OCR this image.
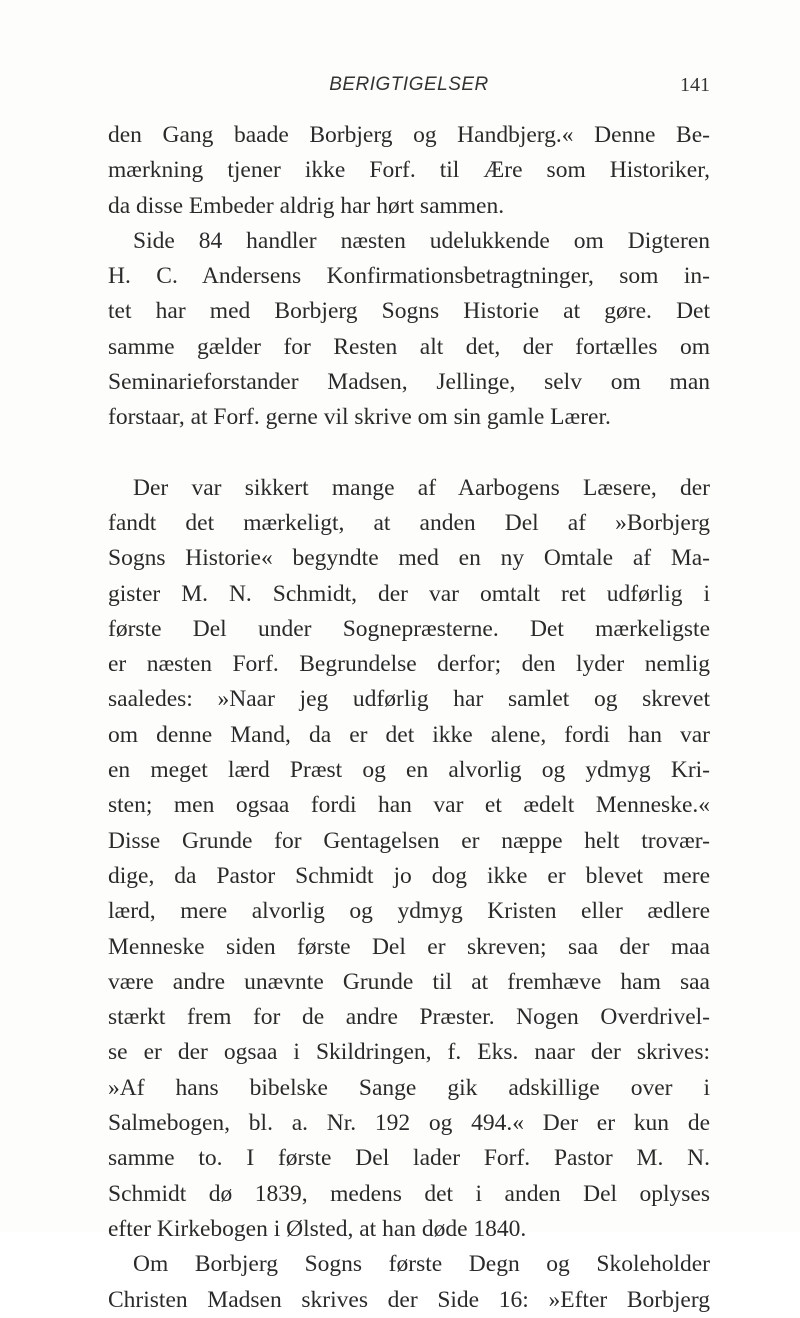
BERIGTIGELSER	141
den Gang baade Borbjerg og Handbjerg.« Denne Be-
mærkning tjener ikke Forf. til Ære som Historiker,
da disse Embeder aldrig har hørt sammen.
Side 84 handler næsten udelukkende om Digteren
H. C. Andersens Konfirmationsbetragtninger, som in-
tet har med Borbjerg Sogns Historie at gøre. Det
samme gælder for Resten alt det, der fortælles om
Seminarieforstander Madsen, Jellinge, selv om man
forstaar, at Forf. gerne vil skrive om sin gamle Lærer.
Der var sikkert mange af Aarbogens Læsere, der
fandt det mærkeligt, at anden Del af »Borbjerg
Sogns Historie« begyndte med en ny Omtale af Ma-
gister M. N. Schmidt, der var omtalt ret udførlig i
første Del under Sognepræsterne. Det mærkeligste
er næsten Forf. Begrundelse derfor; den lyder nemlig
saaledes: »Naar jeg udførlig har samlet og skrevet
om denne Mand, da er det ikke alene, fordi han var
en meget lærd Præst og en alvorlig og ydmyg Kri-
sten; men ogsaa fordi han var et ædelt Menneske.«
Disse Grunde for Gentagelsen er næppe helt trovær-
dige, da Pastor Schmidt jo dog ikke er blevet mere
lærd, mere alvorlig og ydmyg Kristen eller ædlere
Menneske siden første Del er skreven; saa der maa
være andre unævnte Grunde til at fremhæve ham saa
stærkt frem for de andre Præster. Nogen Overdrivel-
se er der ogsaa i Skildringen, f. Eks. naar der skrives:
»Af hans bibelske Sange gik adskillige over i
Salmebogen, bl. a. Nr. 192 og 494.« Der er kun de
samme to. I første Del lader Forf. Pastor M. N.
Schmidt dø 1839, medens det i anden Del oplyses
efter Kirkebogen i Ølsted, at han døde 1840.
Om Borbjerg Sogns første Degn og Skoleholder
Christen Madsen skrives der Side 16: »Efter Borbjerg
